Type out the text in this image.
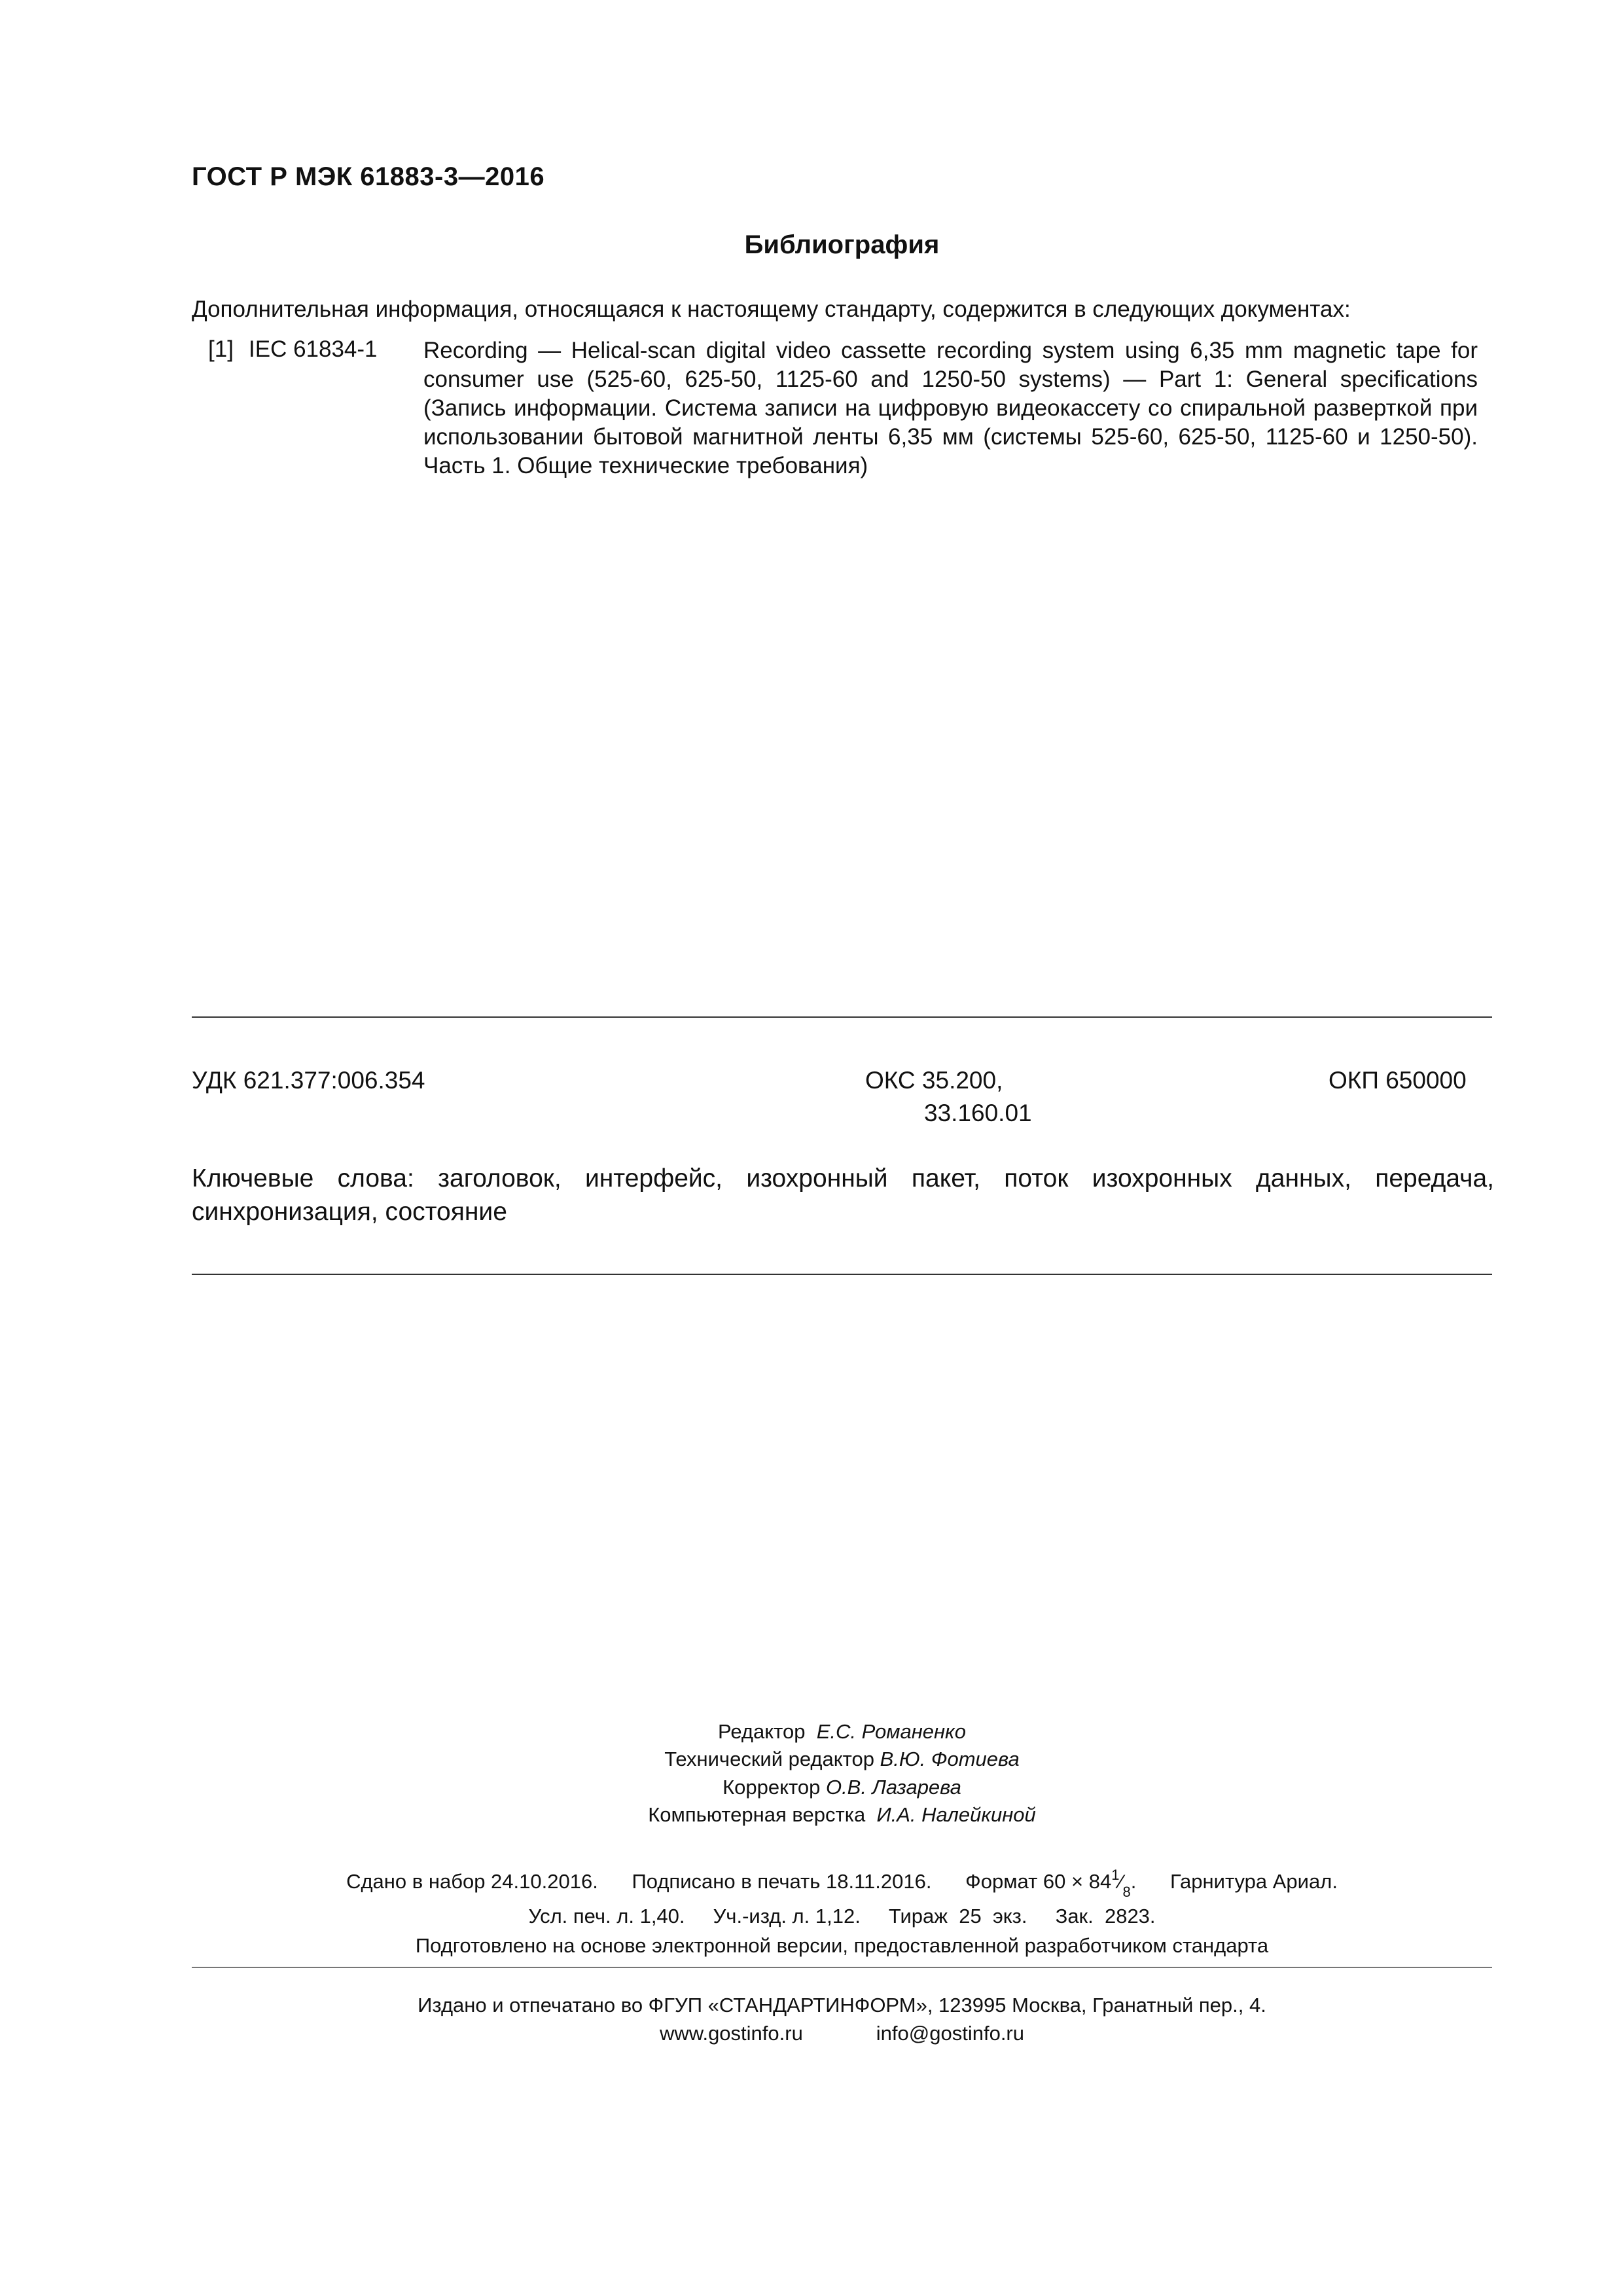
ГОСТ Р МЭК 61883-3—2016
Библиография
Дополнительная информация, относящаяся к настоящему стандарту, содержится в следующих документах:
[1] IEC 61834-1 Recording — Helical-scan digital video cassette recording system using 6,35 mm magnetic tape for consumer use (525-60, 625-50, 1125-60 and 1250-50 systems) — Part 1: General specifications (Запись информации. Система записи на цифровую видеокассету со спиральной разверткой при использовании бытовой магнитной ленты 6,35 мм (системы 525-60, 625-50, 1125-60 и 1250-50). Часть 1. Общие технические требования)
УДК 621.377:006.354	ОКС 35.200,
33.160.01
ОКП 650000
Ключевые слова: заголовок, интерфейс, изохронный пакет, поток изохронных данных, передача, синхронизация, состояние
Редактор Е.С. Романенко
Технический редактор В.Ю. Фотиева
Корректор О.В. Лазарева
Компьютерная верстка И.А. Налейкиной
Сдано в набор 24.10.2016. Подписано в печать 18.11.2016. Формат $60 \times 84^1⁄_8$.      Гарнитура Ариал.
Усл. печ. л. 1,40. Уч.-изд. л. 1,12. Тираж  25  экз. Зак.  2823.
Подготовлено на основе электронной версии, предоставленной разработчиком стандарта
Издано и отпечатано во ФГУП «СТАНДАРТИНФОРМ», 123995 Москва, Гранатный пер., 4.
www.gostinfo.ru	info@gostinfo.ru
